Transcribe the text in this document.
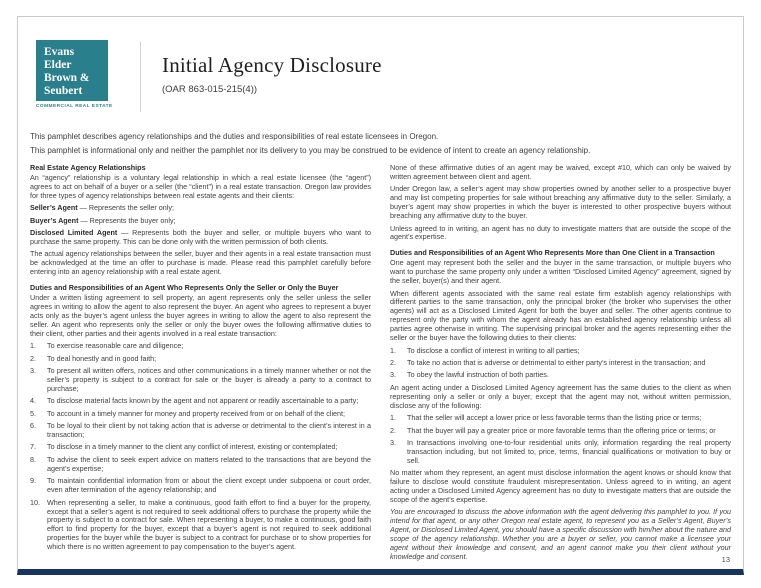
Evans
Elder
Brown &
Seubert
COMMERCIAL REAL ESTATE
Initial Agency Disclosure
(OAR 863-015-215(4))

This pamphlet describes agency relationships and the duties and responsibilities of real estate licensees in Oregon.

This pamphlet is informational only and neither the pamphlet nor its delivery to you may be construed to be evidence of intent to create an agency relationship.

Real Estate Agency Relationships

An “agency” relationship is a voluntary legal relationship in which a real estate licensee (the “agent”) agrees to act on behalf of a buyer or a seller (the “client”) in a real estate transaction. Oregon law provides for three types of agency relationships between real estate agents and their clients:

Seller’s Agent — Represents the seller only;

Buyer’s Agent — Represents the buyer only;

Disclosed Limited Agent — Represents both the buyer and seller, or multiple buyers who want to purchase the same property. This can be done only with the written permission of both clients.

The actual agency relationships between the seller, buyer and their agents in a real estate transaction must be acknowledged at the time an offer to purchase is made. Please read this pamphlet carefully before entering into an agency relationship with a real estate agent.

Duties and Responsibilities of an Agent Who Represents Only the Seller or Only the Buyer

Under a written listing agreement to sell property, an agent represents only the seller unless the seller agrees in writing to allow the agent to also represent the buyer. An agent who agrees to represent a buyer acts only as the buyer’s agent unless the buyer agrees in writing to allow the agent to also represent the seller. An agent who represents only the seller or only the buyer owes the following affirmative duties to their client, other parties and their agents involved in a real estate transaction:

1.	To exercise reasonable care and diligence;
2.	To deal honestly and in good faith;
3.	To present all written offers, notices and other communications in a timely manner whether or not the seller’s property is subject to a contract for sale or the buyer is already a party to a contract to purchase;
4.	To disclose material facts known by the agent and not apparent or readily ascertainable to a party;
5.	To account in a timely manner for money and property received from or on behalf of the client;
6.	To be loyal to their client by not taking action that is adverse or detrimental to the client’s interest in a transaction;
7.	To disclose in a timely manner to the client any conflict of interest, existing or contemplated;
8.	To advise the client to seek expert advice on matters related to the transactions that are beyond the agent’s expertise;
9.	To maintain confidential information from or about the client except under subpoena or court order, even after termination of the agency relationship; and
10. When representing a seller, to make a continuous, good faith effort to find a buyer for the property, except that a seller’s agent is not required to seek additional offers to purchase the property while the property is subject to a contract for sale. When representing a buyer, to make a continuous, good faith effort to find property for the buyer, except that a buyer’s agent is not required to seek additional properties for the buyer while the buyer is subject to a contract for purchase or to show properties for which there is no written agreement to pay compensation to the buyer’s agent.

None of these affirmative duties of an agent may be waived, except #10, which can only be waived by written agreement between client and agent.

Under Oregon law, a seller’s agent may show properties owned by another seller to a prospective buyer and may list competing properties for sale without breaching any affirmative duty to the seller. Similarly, a buyer’s agent may show properties in which the buyer is interested to other prospective buyers without breaching any affirmative duty to the buyer.

Unless agreed to in writing, an agent has no duty to investigate matters that are outside the scope of the agent’s expertise.

Duties and Responsibilities of an Agent Who Represents More than One Client in a Transaction

One agent may represent both the seller and the buyer in the same transaction, or multiple buyers who want to purchase the same property only under a written “Disclosed Limited Agency” agreement, signed by the seller, buyer(s) and their agent.

When different agents associated with the same real estate firm establish agency relationships with different parties to the same transaction, only the principal broker (the broker who supervises the other agents) will act as a Disclosed Limited Agent for both the buyer and seller. The other agents continue to represent only the party with whom the agent already has an established agency relationship unless all parties agree otherwise in writing. The supervising principal broker and the agents representing either the seller or the buyer have the following duties to their clients:

1.	To disclose a conflict of interest in writing to all parties;
2.	To take no action that is adverse or detrimental to either party’s interest in the transaction; and
3.	To obey the lawful instruction of both parties.

An agent acting under a Disclosed Limited Agency agreement has the same duties to the client as when representing only a seller or only a buyer, except that the agent may not, without written permission, disclose any of the following:

1.	That the seller will accept a lower price or less favorable terms than the listing price or terms;
2.	That the buyer will pay a greater price or more favorable terms than the offering price or terms; or
3.	In transactions involving one-to-four residential units only, information regarding the real property transaction including, but not limited to, price, terms, financial qualifications or motivation to buy or sell.

No matter whom they represent, an agent must disclose information the agent knows or should know that failure to disclose would constitute fraudulent misrepresentation. Unless agreed to in writing, an agent acting under a Disclosed Limited Agency agreement has no duty to investigate matters that are outside the scope of the agent’s expertise.

You are encouraged to discuss the above information with the agent delivering this pamphlet to you. If you intend for that agent, or any other Oregon real estate agent, to represent you as a Seller’s Agent, Buyer’s Agent, or Disclosed Limited Agent, you should have a specific discussion with him/her about the nature and scope of the agency relationship. Whether you are a buyer or seller, you cannot make a licensee your agent without their knowledge and consent, and an agent cannot make you their client without your knowledge and consent.	13
